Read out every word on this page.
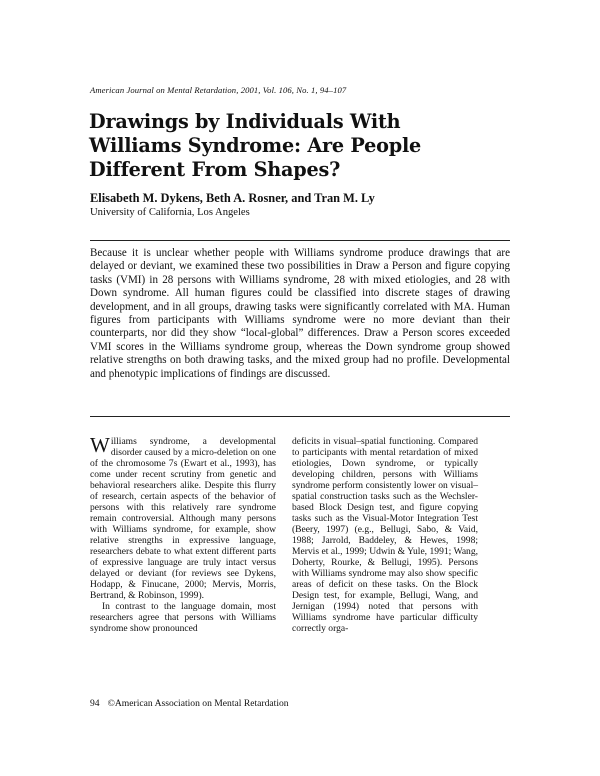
American Journal on Mental Retardation, 2001, Vol. 106, No. 1, 94–107
Drawings by Individuals With Williams Syndrome: Are People Different From Shapes?
Elisabeth M. Dykens, Beth A. Rosner, and Tran M. Ly
University of California, Los Angeles

Because it is unclear whether people with Williams syndrome produce drawings that are delayed or deviant, we examined these two possibilities in Draw a Person and figure copying tasks (VMI) in 28 persons with Williams syndrome, 28 with mixed etiologies, and 28 with Down syndrome. All human figures could be classified into discrete stages of drawing development, and in all groups, drawing tasks were significantly correlated with MA. Human figures from participants with Williams syndrome were no more deviant than their counterparts, nor did they show “local-global” differences. Draw a Person scores exceeded VMI scores in the Williams syndrome group, whereas the Down syndrome group showed relative strengths on both drawing tasks, and the mixed group had no profile. Developmental and phenotypic implications of findings are discussed.

Williams syndrome, a developmental disorder caused by a micro-deletion on one of the chromosome 7s (Ewart et al., 1993), has come under recent scrutiny from genetic and behavioral researchers alike. Despite this flurry of research, certain aspects of the behavior of persons with this relatively rare syndrome remain controversial. Although many persons with Williams syndrome, for example, show relative strengths in expressive language, researchers debate to what extent different parts of expressive language are truly intact versus delayed or deviant (for reviews see Dykens, Hodapp, & Finucane, 2000; Mervis, Morris, Bertrand, & Robinson, 1999).

In contrast to the language domain, most researchers agree that persons with Williams syndrome show pronounced

deficits in visual–spatial functioning. Compared to participants with mental retardation of mixed etiologies, Down syndrome, or typically developing children, persons with Williams syndrome perform consistently lower on visual–spatial construction tasks such as the Wechsler-based Block Design test, and figure copying tasks such as the Visual-Motor Integration Test (Beery, 1997) (e.g., Bellugi, Sabo, & Vaid, 1988; Jarrold, Baddeley, & Hewes, 1998; Mervis et al., 1999; Udwin & Yule, 1991; Wang, Doherty, Rourke, & Bellugi, 1995). Persons with Williams syndrome may also show specific areas of deficit on these tasks. On the Block Design test, for example, Bellugi, Wang, and Jernigan (1994) noted that persons with Williams syndrome have particular difficulty correctly orga-

94 ©American Association on Mental Retardation
